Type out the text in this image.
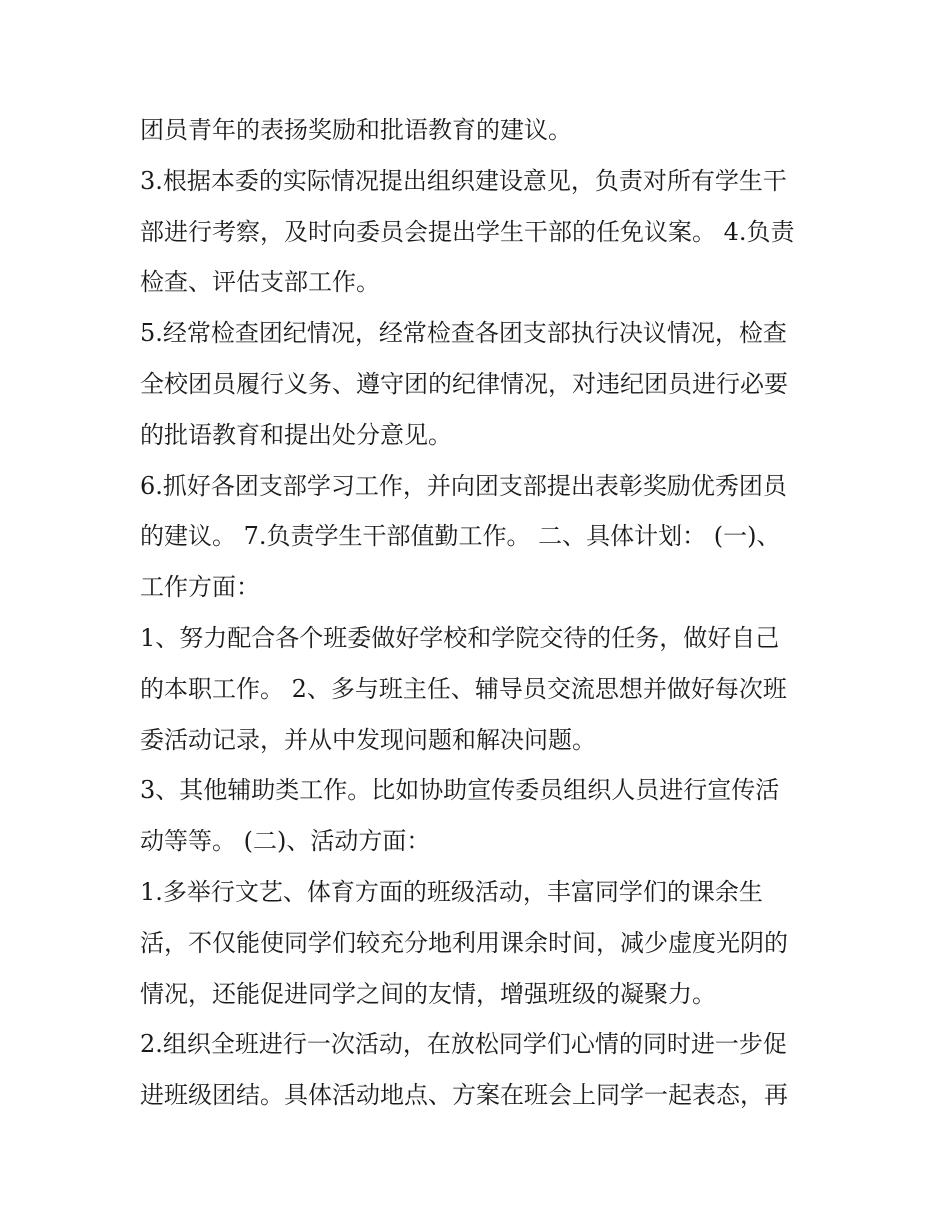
团员青年的表扬奖励和批语教育的建议。
3.根据本委的实际情况提出组织建设意见，负责对所有学生干
部进行考察，及时向委员会提出学生干部的任免议案。 4.负责
检查、评估支部工作。
5.经常检查团纪情况，经常检查各团支部执行决议情况，检查
全校团员履行义务、遵守团的纪律情况，对违纪团员进行必要
的批语教育和提出处分意见。
6.抓好各团支部学习工作，并向团支部提出表彰奖励优秀团员
的建议。 7.负责学生干部值勤工作。 二、具体计划： (一)、
工作方面：
1、努力配合各个班委做好学校和学院交待的任务，做好自己
的本职工作。 2、多与班主任、辅导员交流思想并做好每次班
委活动记录，并从中发现问题和解决问题。
3、其他辅助类工作。比如协助宣传委员组织人员进行宣传活
动等等。 (二)、活动方面：
1.多举行文艺、体育方面的班级活动，丰富同学们的课余生
活，不仅能使同学们较充分地利用课余时间，减少虚度光阴的
情况，还能促进同学之间的友情，增强班级的凝聚力。
2.组织全班进行一次活动，在放松同学们心情的同时进一步促
进班级团结。具体活动地点、方案在班会上同学一起表态，再
